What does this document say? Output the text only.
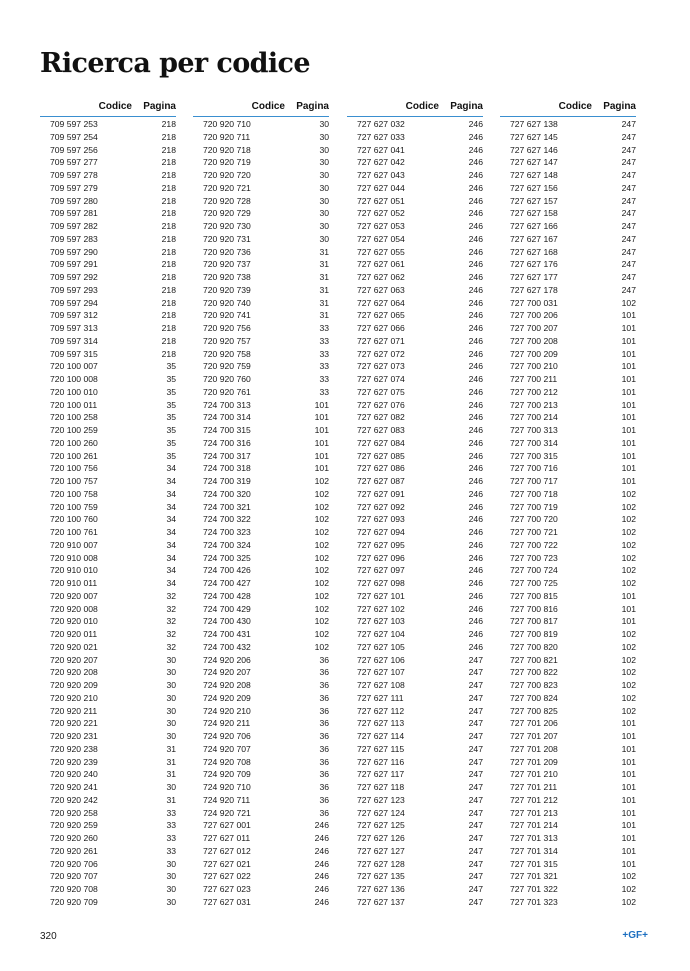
Ricerca per codice
Codice	Pagina
709 597 253	218
709 597 254	218
709 597 256	218
709 597 277	218
709 597 278	218
709 597 279	218
709 597 280	218
709 597 281	218
709 597 282	218
709 597 283	218
709 597 290	218
709 597 291	218
709 597 292	218
709 597 293	218
709 597 294	218
709 597 312	218
709 597 313	218
709 597 314	218
709 597 315	218
720 100 007	35
720 100 008	35
720 100 010	35
720 100 011	35
720 100 258	35
720 100 259	35
720 100 260	35
720 100 261	35
720 100 756	34
720 100 757	34
720 100 758	34
720 100 759	34
720 100 760	34
720 100 761	34
720 910 007	34
720 910 008	34
720 910 010	34
720 910 011	34
720 920 007	32
720 920 008	32
720 920 010	32
720 920 011	32
720 920 021	32
720 920 207	30
720 920 208	30
720 920 209	30
720 920 210	30
720 920 211	30
720 920 221	30
720 920 231	30
720 920 238	31
720 920 239	31
720 920 240	31
720 920 241	30
720 920 242	31
720 920 258	33
720 920 259	33
720 920 260	33
720 920 261	33
720 920 706	30
720 920 707	30
720 920 708	30
720 920 709	30
Codice	Pagina
720 920 710	30
720 920 711	30
720 920 718	30
720 920 719	30
720 920 720	30
720 920 721	30
720 920 728	30
720 920 729	30
720 920 730	30
720 920 731	30
720 920 736	31
720 920 737	31
720 920 738	31
720 920 739	31
720 920 740	31
720 920 741	31
720 920 756	33
720 920 757	33
720 920 758	33
720 920 759	33
720 920 760	33
720 920 761	33
724 700 313	101
724 700 314	101
724 700 315	101
724 700 316	101
724 700 317	101
724 700 318	101
724 700 319	102
724 700 320	102
724 700 321	102
724 700 322	102
724 700 323	102
724 700 324	102
724 700 325	102
724 700 426	102
724 700 427	102
724 700 428	102
724 700 429	102
724 700 430	102
724 700 431	102
724 700 432	102
724 920 206	36
724 920 207	36
724 920 208	36
724 920 209	36
724 920 210	36
724 920 211	36
724 920 706	36
724 920 707	36
724 920 708	36
724 920 709	36
724 920 710	36
724 920 711	36
724 920 721	36
727 627 001	246
727 627 011	246
727 627 012	246
727 627 021	246
727 627 022	246
727 627 023	246
727 627 031	246
Codice	Pagina
727 627 032	246
727 627 033	246
727 627 041	246
727 627 042	246
727 627 043	246
727 627 044	246
727 627 051	246
727 627 052	246
727 627 053	246
727 627 054	246
727 627 055	246
727 627 061	246
727 627 062	246
727 627 063	246
727 627 064	246
727 627 065	246
727 627 066	246
727 627 071	246
727 627 072	246
727 627 073	246
727 627 074	246
727 627 075	246
727 627 076	246
727 627 082	246
727 627 083	246
727 627 084	246
727 627 085	246
727 627 086	246
727 627 087	246
727 627 091	246
727 627 092	246
727 627 093	246
727 627 094	246
727 627 095	246
727 627 096	246
727 627 097	246
727 627 098	246
727 627 101	246
727 627 102	246
727 627 103	246
727 627 104	246
727 627 105	246
727 627 106	247
727 627 107	247
727 627 108	247
727 627 111	247
727 627 112	247
727 627 113	247
727 627 114	247
727 627 115	247
727 627 116	247
727 627 117	247
727 627 118	247
727 627 123	247
727 627 124	247
727 627 125	247
727 627 126	247
727 627 127	247
727 627 128	247
727 627 135	247
727 627 136	247
727 627 137	247
Codice	Pagina
727 627 138	247
727 627 145	247
727 627 146	247
727 627 147	247
727 627 148	247
727 627 156	247
727 627 157	247
727 627 158	247
727 627 166	247
727 627 167	247
727 627 168	247
727 627 176	247
727 627 177	247
727 627 178	247
727 700 031	102
727 700 206	101
727 700 207	101
727 700 208	101
727 700 209	101
727 700 210	101
727 700 211	101
727 700 212	101
727 700 213	101
727 700 214	101
727 700 313	101
727 700 314	101
727 700 315	101
727 700 716	101
727 700 717	101
727 700 718	102
727 700 719	102
727 700 720	102
727 700 721	102
727 700 722	102
727 700 723	102
727 700 724	102
727 700 725	102
727 700 815	101
727 700 816	101
727 700 817	101
727 700 819	102
727 700 820	102
727 700 821	102
727 700 822	102
727 700 823	102
727 700 824	102
727 700 825	102
727 701 206	101
727 701 207	101
727 701 208	101
727 701 209	101
727 701 210	101
727 701 211	101
727 701 212	101
727 701 213	101
727 701 214	101
727 701 313	101
727 701 314	101
727 701 315	101
727 701 321	102
727 701 322	102
727 701 323	102
320	+GF+
